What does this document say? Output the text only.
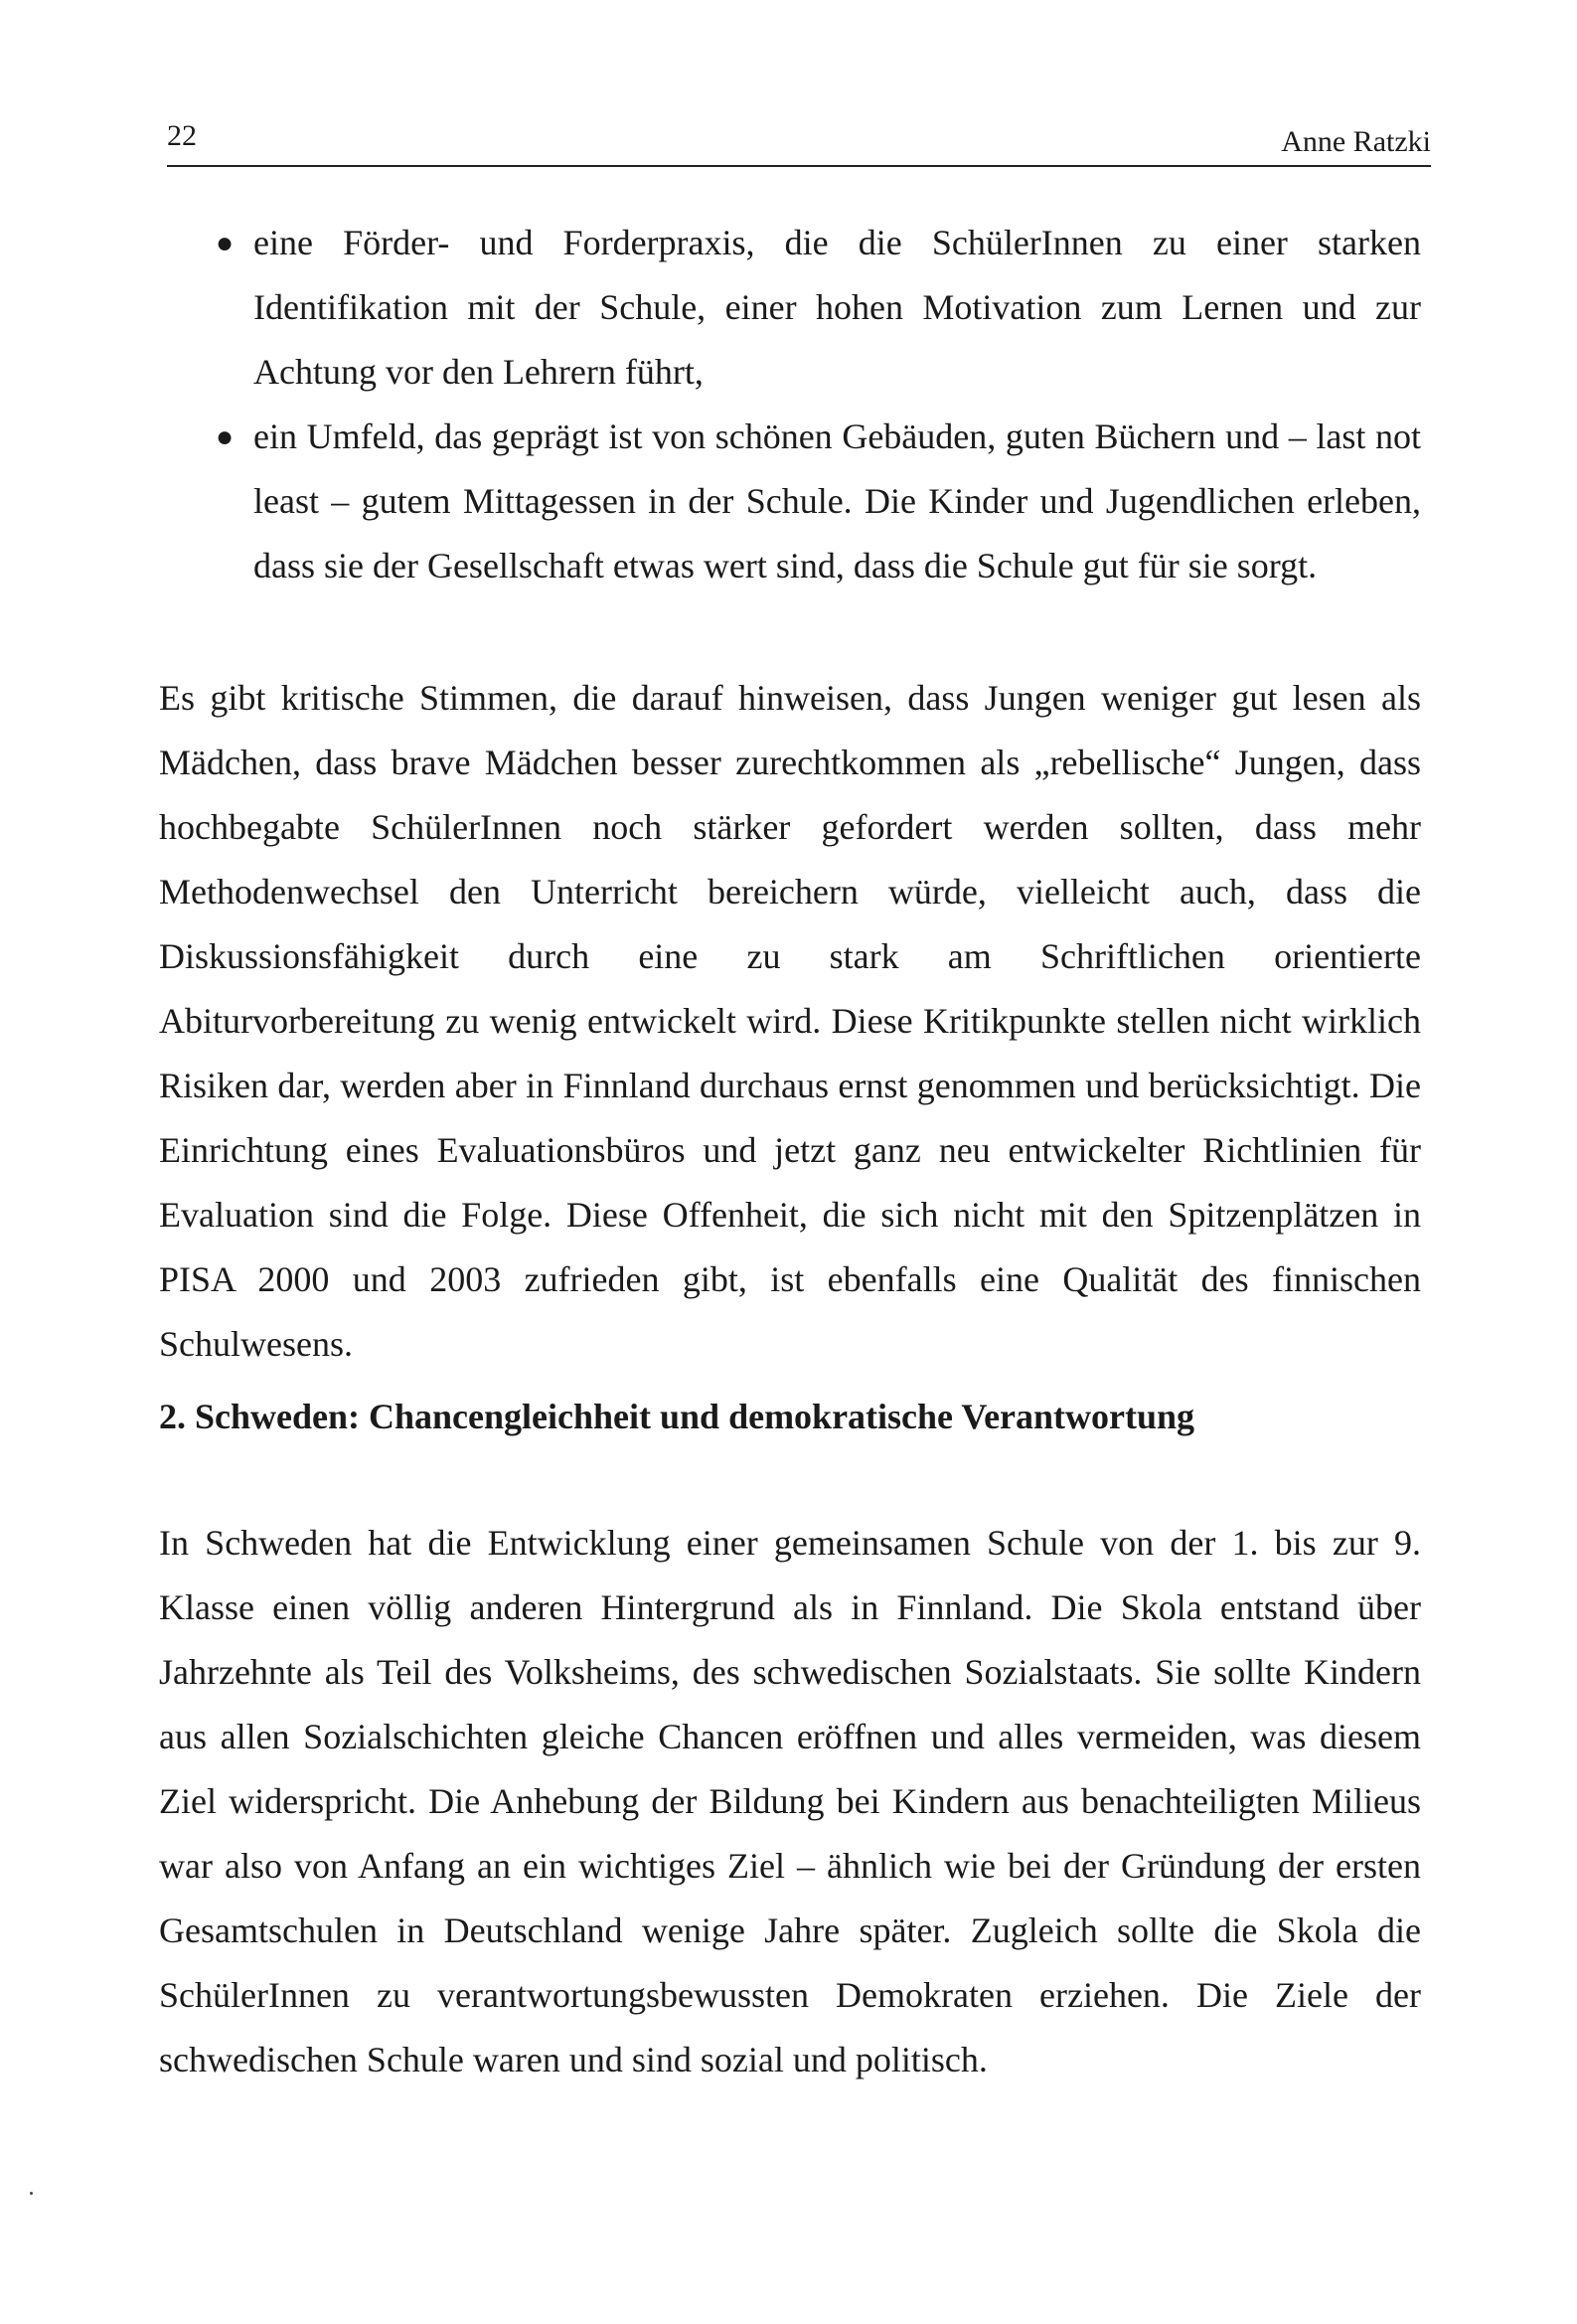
22	Anne Ratzki
● eine Förder- und Forderpraxis, die die SchülerInnen zu einer starken Identifikation mit der Schule, einer hohen Motivation zum Lernen und zur Achtung vor den Lehrern führt,
● ein Umfeld, das geprägt ist von schönen Gebäuden, guten Büchern und – last not least – gutem Mittagessen in der Schule. Die Kinder und Jugendlichen erleben, dass sie der Gesellschaft etwas wert sind, dass die Schule gut für sie sorgt.

Es gibt kritische Stimmen, die darauf hinweisen, dass Jungen weniger gut lesen als Mädchen, dass brave Mädchen besser zurechtkommen als „rebellische“ Jungen, dass hochbegabte SchülerInnen noch stärker gefordert werden sollten, dass mehr Methodenwechsel den Unterricht bereichern würde, vielleicht auch, dass die Diskussionsfähigkeit durch eine zu stark am Schriftlichen orientierte Abiturvorbereitung zu wenig entwickelt wird. Diese Kritikpunkte stellen nicht wirklich Risiken dar, werden aber in Finnland durchaus ernst genommen und berücksichtigt. Die Einrichtung eines Evaluationsbüros und jetzt ganz neu entwickelter Richtlinien für Evaluation sind die Folge. Diese Offenheit, die sich nicht mit den Spitzenplätzen in PISA 2000 und 2003 zufrieden gibt, ist ebenfalls eine Qualität des finnischen Schulwesens.

2. Schweden: Chancengleichheit und demokratische Verantwortung

In Schweden hat die Entwicklung einer gemeinsamen Schule von der 1. bis zur 9. Klasse einen völlig anderen Hintergrund als in Finnland. Die Skola entstand über Jahrzehnte als Teil des Volksheims, des schwedischen Sozialstaats. Sie sollte Kindern aus allen Sozialschichten gleiche Chancen eröffnen und alles vermeiden, was diesem Ziel widerspricht. Die Anhebung der Bildung bei Kindern aus benachteiligten Milieus war also von Anfang an ein wichtiges Ziel – ähnlich wie bei der Gründung der ersten Gesamtschulen in Deutschland wenige Jahre später. Zugleich sollte die Skola die SchülerInnen zu verantwortungsbewussten Demokraten erziehen. Die Ziele der schwedischen Schule waren und sind sozial und politisch.
